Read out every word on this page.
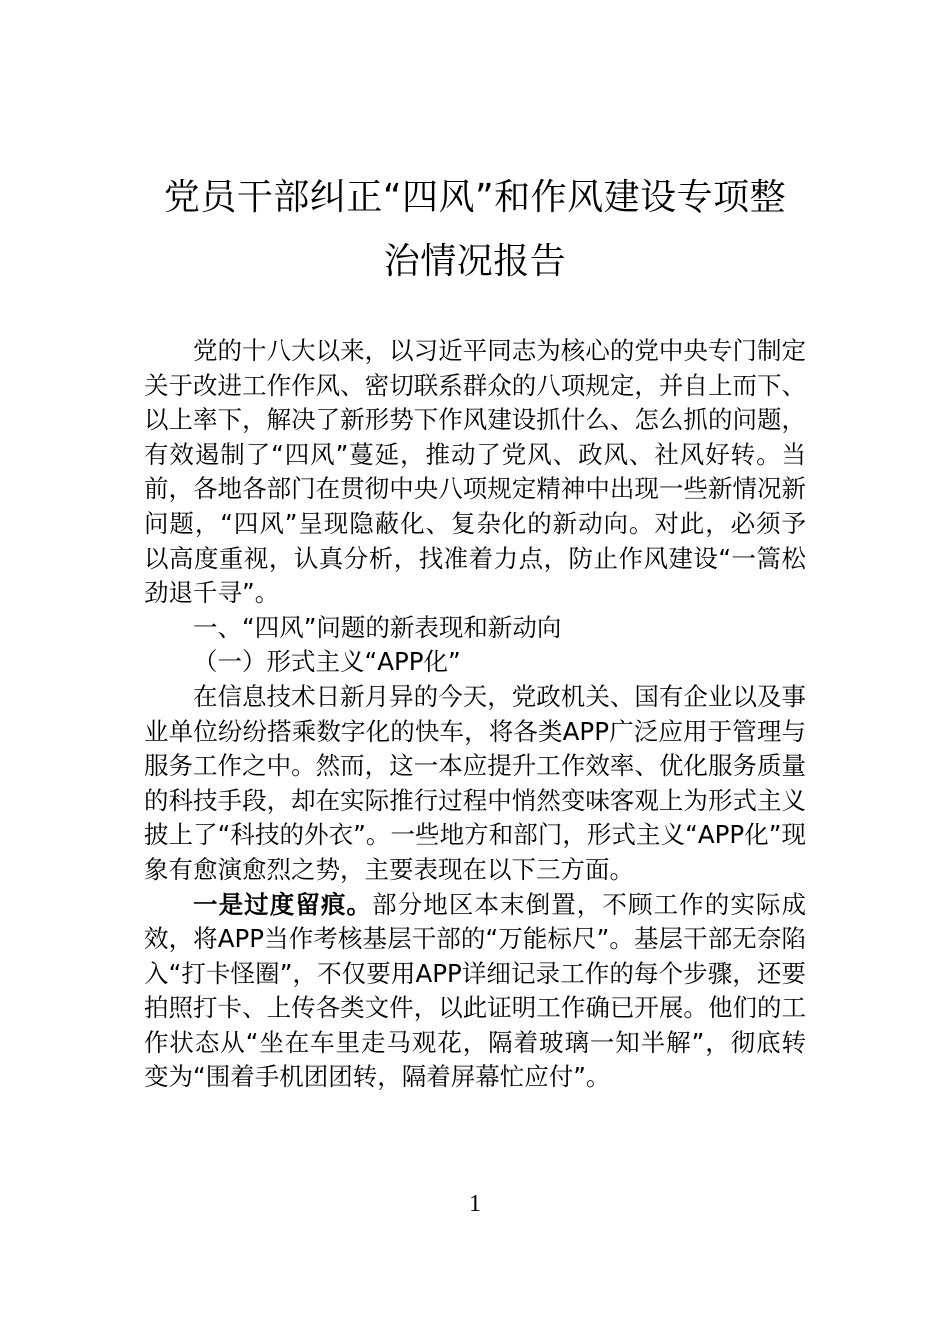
党员干部纠正“四风”和作风建设专项整
治情况报告

党的十八大以来，以习近平同志为核心的党中央专门制定关于改进工作作风、密切联系群众的八项规定，并自上而下、以上率下，解决了新形势下作风建设抓什么、怎么抓的问题，有效遏制了“四风”蔓延，推动了党风、政风、社风好转。当前，各地各部门在贯彻中央八项规定精神中出现一些新情况新问题，“四风”呈现隐蔽化、复杂化的新动向。对此，必须予以高度重视，认真分析，找准着力点，防止作风建设“一篙松劲退千寻”。

一、“四风”问题的新表现和新动向

（一）形式主义“APP化”

在信息技术日新月异的今天，党政机关、国有企业以及事业单位纷纷搭乘数字化的快车，将各类APP广泛应用于管理与服务工作之中。然而，这一本应提升工作效率、优化服务质量的科技手段，却在实际推行过程中悄然变味客观上为形式主义披上了“科技的外衣”。一些地方和部门，形式主义“APP化”现象有愈演愈烈之势，主要表现在以下三方面。

一是过度留痕。部分地区本末倒置，不顾工作的实际成效，将APP当作考核基层干部的“万能标尺”。基层干部无奈陷入“打卡怪圈”，不仅要用APP详细记录工作的每个步骤，还要拍照打卡、上传各类文件，以此证明工作确已开展。他们的工作状态从“坐在车里走马观花，隔着玻璃一知半解”，彻底转变为“围着手机团团转，隔着屏幕忙应付”。

1
